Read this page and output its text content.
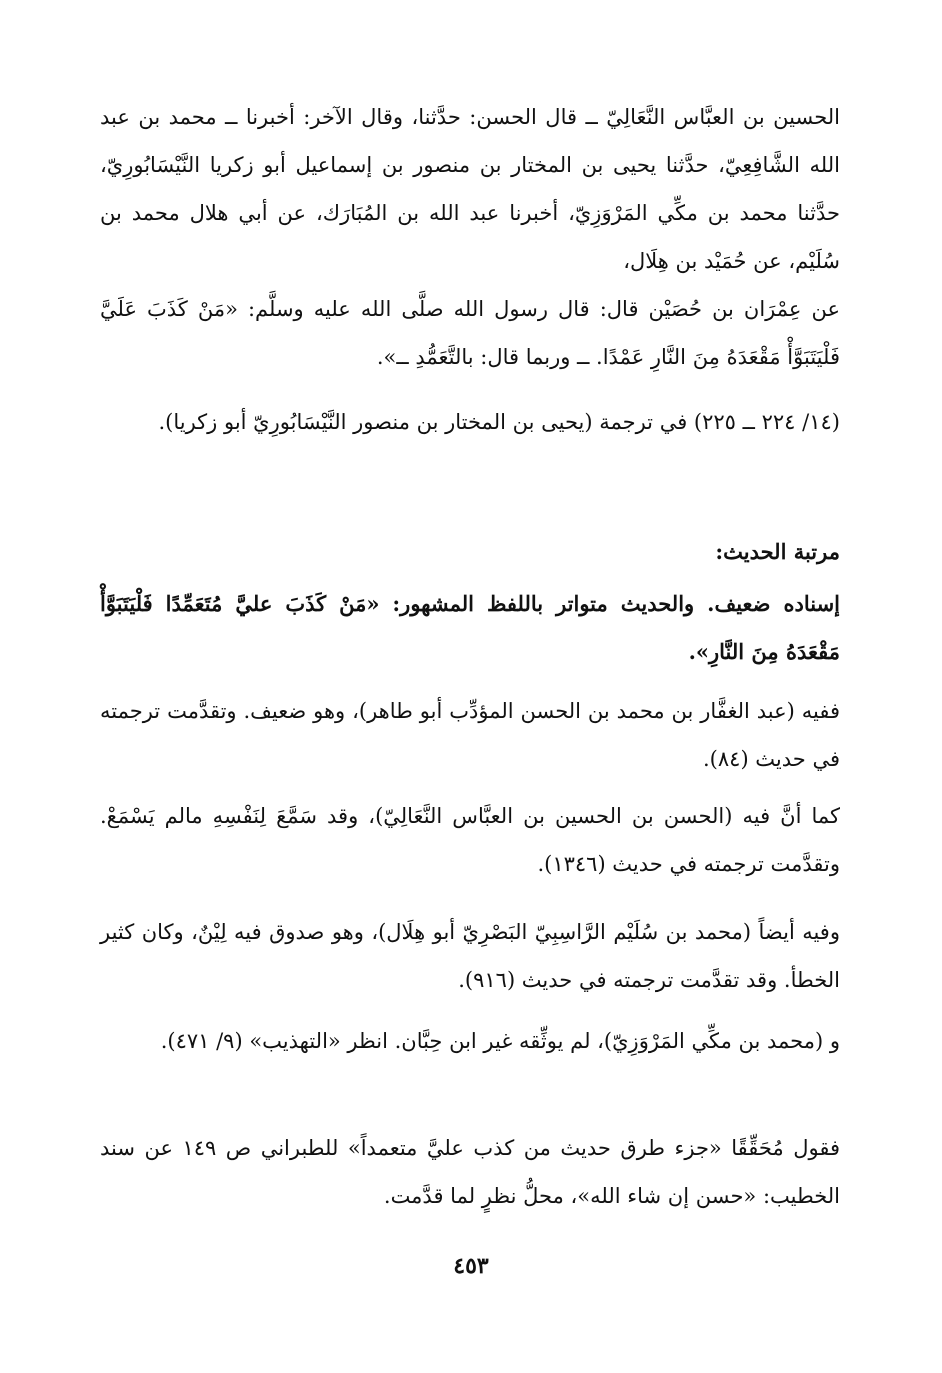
الحسين بن العبَّاس النَّعَالِيّ ــ قال الحسن: حدَّثنا، وقال الآخر: أخبرنا ــ محمد بن عبد الله الشَّافِعِيّ، حدَّثنا يحيى بن المختار بن منصور بن إسماعيل أبو زكريا النَّيْسَابُورِيّ، حدَّثنا محمد بن مكِّي المَرْوَزِيّ، أخبرنا عبد الله بن المُبَارَك، عن أبي هلال محمد بن سُلَيْم، عن حُمَيْد بن هِلَال،

عن عِمْرَان بن حُصَيْن قال: قال رسول الله صلَّى الله عليه وسلَّم: «مَنْ كَذَبَ عَلَيَّ فَلْيَتَبَوَّأْ مَقْعَدَهُ مِنَ النَّارِ عَمْدًا. ــ وربما قال: بالتَّعَمُّدِ ــ».

(١٤/ ٢٢٤ ــ ٢٢٥) في ترجمة (يحيى بن المختار بن منصور النَّيْسَابُورِيّ أبو زكريا).

مرتبة الحديث:

إسناده ضعيف. والحديث متواتر باللفظ المشهور: «مَنْ كَذَبَ عليَّ مُتَعَمِّدًا فَلْيَتَبَوَّأْ مَقْعَدَهُ مِنَ النَّارِ».

ففيه (عبد الغفَّار بن محمد بن الحسن المؤدِّب أبو طاهر)، وهو ضعيف. وتقدَّمت ترجمته في حديث (٨٤).

كما أنَّ فيه (الحسن بن الحسين بن العبَّاس النَّعَالِيّ)، وقد سَمَّعَ لِنَفْسِهِ مالم يَسْمَعْ. وتقدَّمت ترجمته في حديث (١٣٤٦).

وفيه أيضاً (محمد بن سُلَيْم الرَّاسِبِيّ البَصْرِيّ أبو هِلَال)، وهو صدوق فيه لِيْنٌ، وكان كثير الخطأ. وقد تقدَّمت ترجمته في حديث (٩١٦).

و (محمد بن مكِّي المَرْوَزِيّ)، لم يوثِّقه غير ابن حِبَّان. انظر «التهذيب» (٩/ ٤٧١).

فقول مُحَقِّقًا «جزء طرق حديث من كذب عليَّ متعمداً» للطبراني ص ١٤٩ عن سند الخطيب: «حسن إن شاء الله»، محلُّ نظرٍ لما قدَّمت.

٤٥٣
